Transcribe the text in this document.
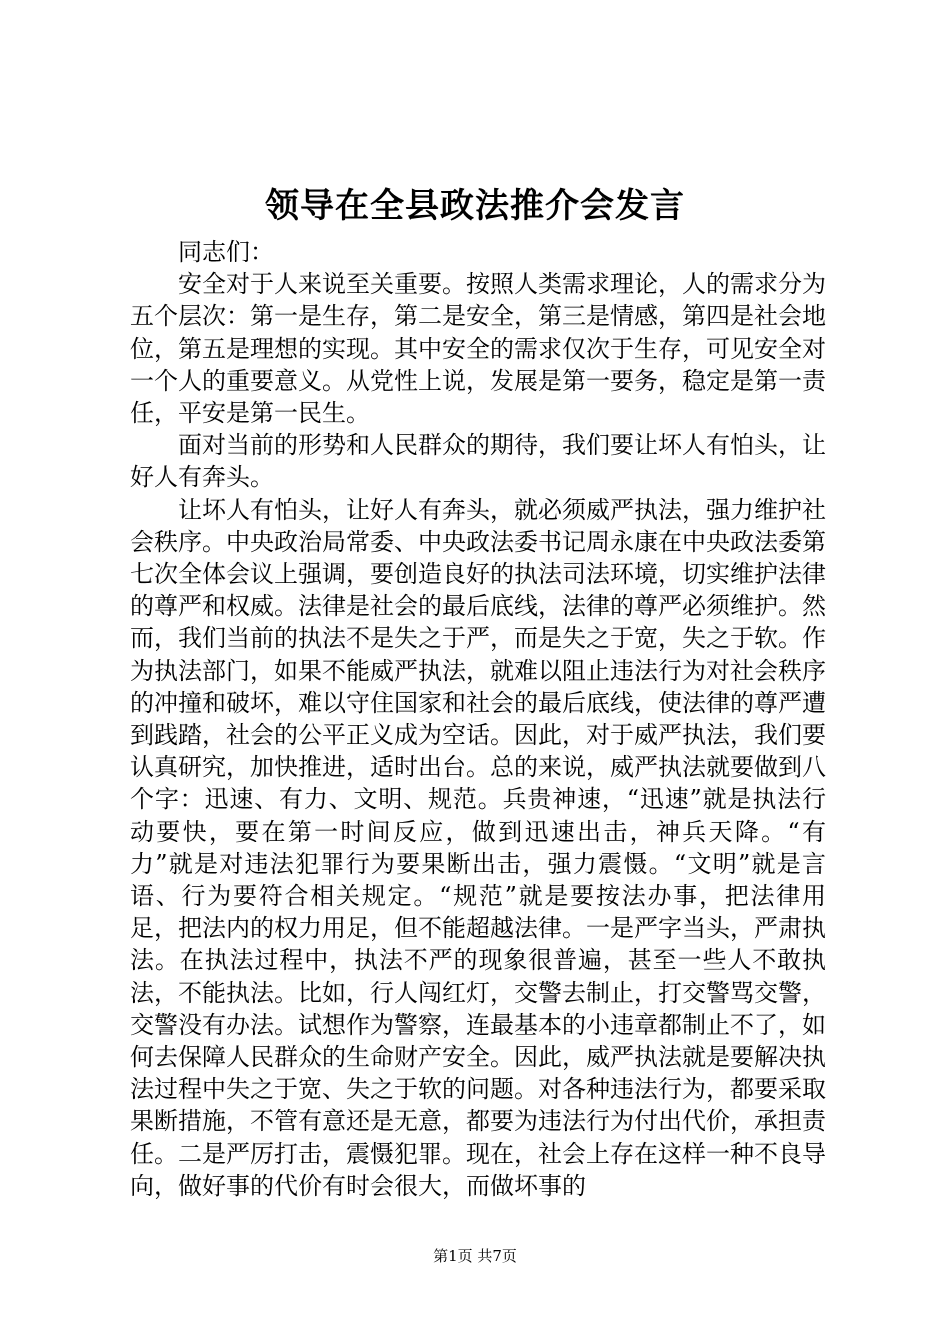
领导在全县政法推介会发言

同志们：

安全对于人来说至关重要。按照人类需求理论，人的需求分为五个层次：第一是生存，第二是安全，第三是情感，第四是社会地位，第五是理想的实现。其中安全的需求仅次于生存，可见安全对一个人的重要意义。从党性上说，发展是第一要务，稳定是第一责任，平安是第一民生。

面对当前的形势和人民群众的期待，我们要让坏人有怕头，让好人有奔头。

让坏人有怕头，让好人有奔头，就必须威严执法，强力维护社会秩序。中央政治局常委、中央政法委书记周永康在中央政法委第七次全体会议上强调，要创造良好的执法司法环境，切实维护法律的尊严和权威。法律是社会的最后底线，法律的尊严必须维护。然而，我们当前的执法不是失之于严，而是失之于宽，失之于软。作为执法部门，如果不能威严执法，就难以阻止违法行为对社会秩序的冲撞和破坏，难以守住国家和社会的最后底线，使法律的尊严遭到践踏，社会的公平正义成为空话。因此，对于威严执法，我们要认真研究，加快推进，适时出台。总的来说，威严执法就要做到八个字：迅速、有力、文明、规范。兵贵神速，“迅速”就是执法行动要快，要在第一时间反应，做到迅速出击，神兵天降。“有力”就是对违法犯罪行为要果断出击，强力震慑。“文明”就是言语、行为要符合相关规定。“规范”就是要按法办事，把法律用足，把法内的权力用足，但不能超越法律。一是严字当头，严肃执法。在执法过程中，执法不严的现象很普遍，甚至一些人不敢执法，不能执法。比如，行人闯红灯，交警去制止，打交警骂交警，交警没有办法。试想作为警察，连最基本的小违章都制止不了，如何去保障人民群众的生命财产安全。因此，威严执法就是要解决执法过程中失之于宽、失之于软的问题。对各种违法行为，都要采取果断措施，不管有意还是无意，都要为违法行为付出代价，承担责任。二是严厉打击，震慑犯罪。现在，社会上存在这样一种不良导向，做好事的代价有时会很大，而做坏事的

第1页 共7页
